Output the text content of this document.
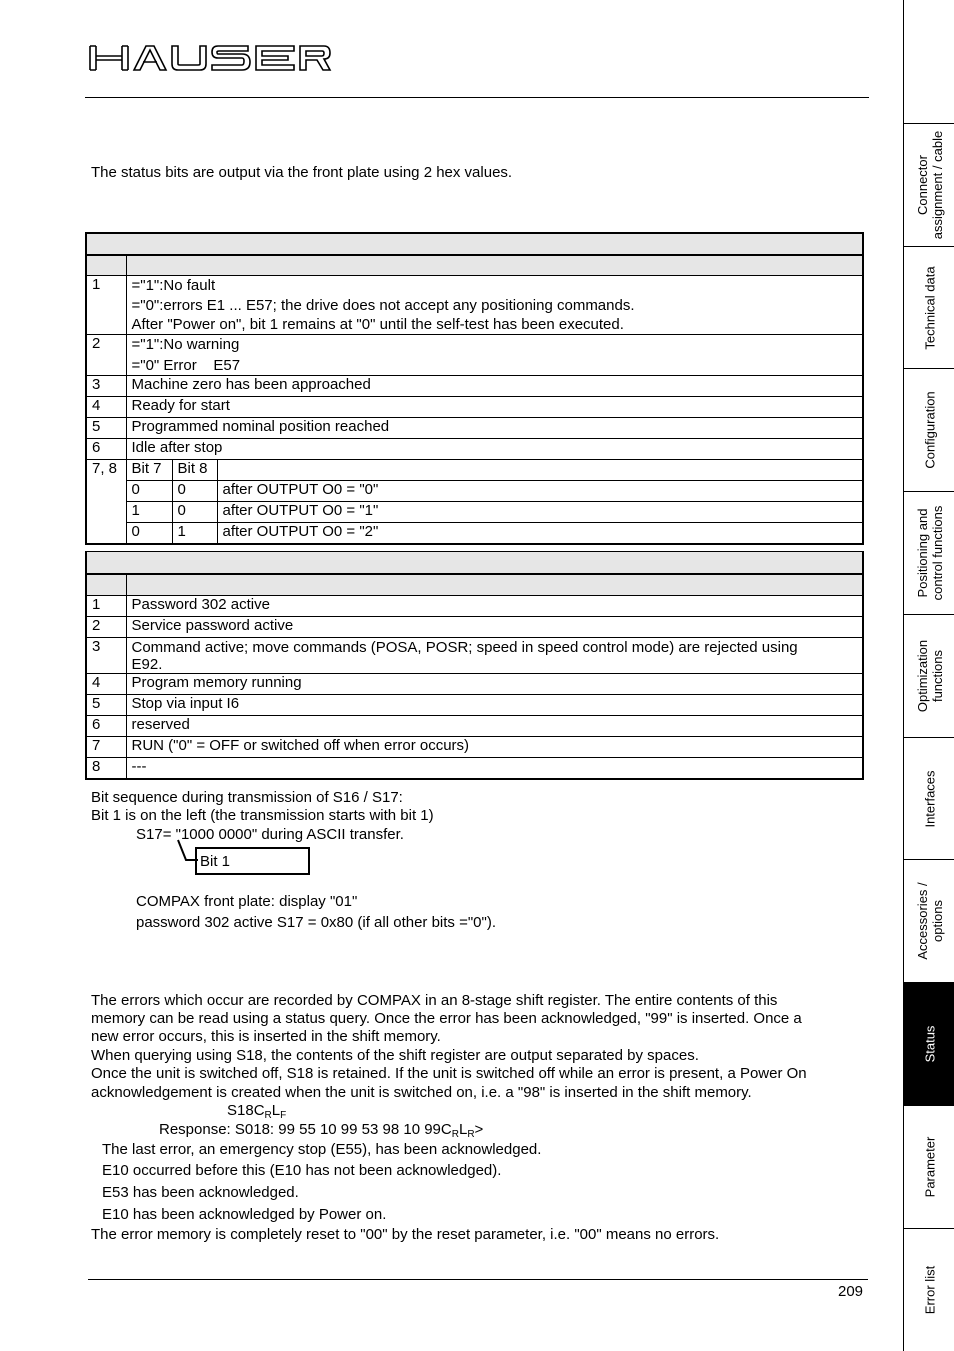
The status bits are output via the front plate using 2 hex values.

1	="1":No fault
="0":errors E1 ... E57; the drive does not accept any positioning commands.
After "Power on", bit 1 remains at "0" until the self-test has been executed.		

2	="1":No warning
="0" Error    E57		

3	Machine zero has been approached		
4	Ready for start		
5	Programmed nominal position reached		
6	Idle after stop		
7, 8	Bit 7	Bit 8	
	0	0	after OUTPUT O0 = "0"
	1	0	after OUTPUT O0 = "1"
	0	1	after OUTPUT O0 = "2"

1	Password 302 active
2	Service password active
3	Command active; move commands (POSA, POSR; speed in speed control mode) are rejected using
E92.

4	Program memory running
5	Stop via input I6
6	reserved
7	RUN ("0" = OFF or switched off when error occurs)
8	---
Bit sequence during transmission of S16 / S17:
Bit 1 is on the left (the transmission starts with bit 1)
S17= "1000 0000" during ASCII transfer.
Bit 1
COMPAX front plate: display "01"
password 302 active S17 = 0x80 (if all other bits ="0").
The errors which occur are recorded by COMPAX in an 8-stage shift register. The entire contents of this
memory can be read using a status query. Once the error has been acknowledged, "99" is inserted. Once a
new error occurs, this is inserted in the shift memory.
When querying using S18, the contents of the shift register are output separated by spaces.
Once the unit is switched off, S18 is retained. If the unit is switched off while an error is present, a Power On
acknowledgement is created when the unit is switched on, i.e. a "98" is inserted in the shift memory.
$S18C_RL_F$
Response: S018: 99 55 10 99 53 98 10 $99C_RL_R>$
The last error, an emergency stop (E55), has been acknowledged.
E10 occurred before this (E10 has not been acknowledged).
E53 has been acknowledged.
E10 has been acknowledged by Power on.
The error memory is completely reset to "00" by the reset parameter, i.e. "00" means no errors.
209
Connector assignment / cable
Technical data
Configuration
Positioning and control functions
Optimization functions
Interfaces
Accessories / options
Status
Parameter
Error list
